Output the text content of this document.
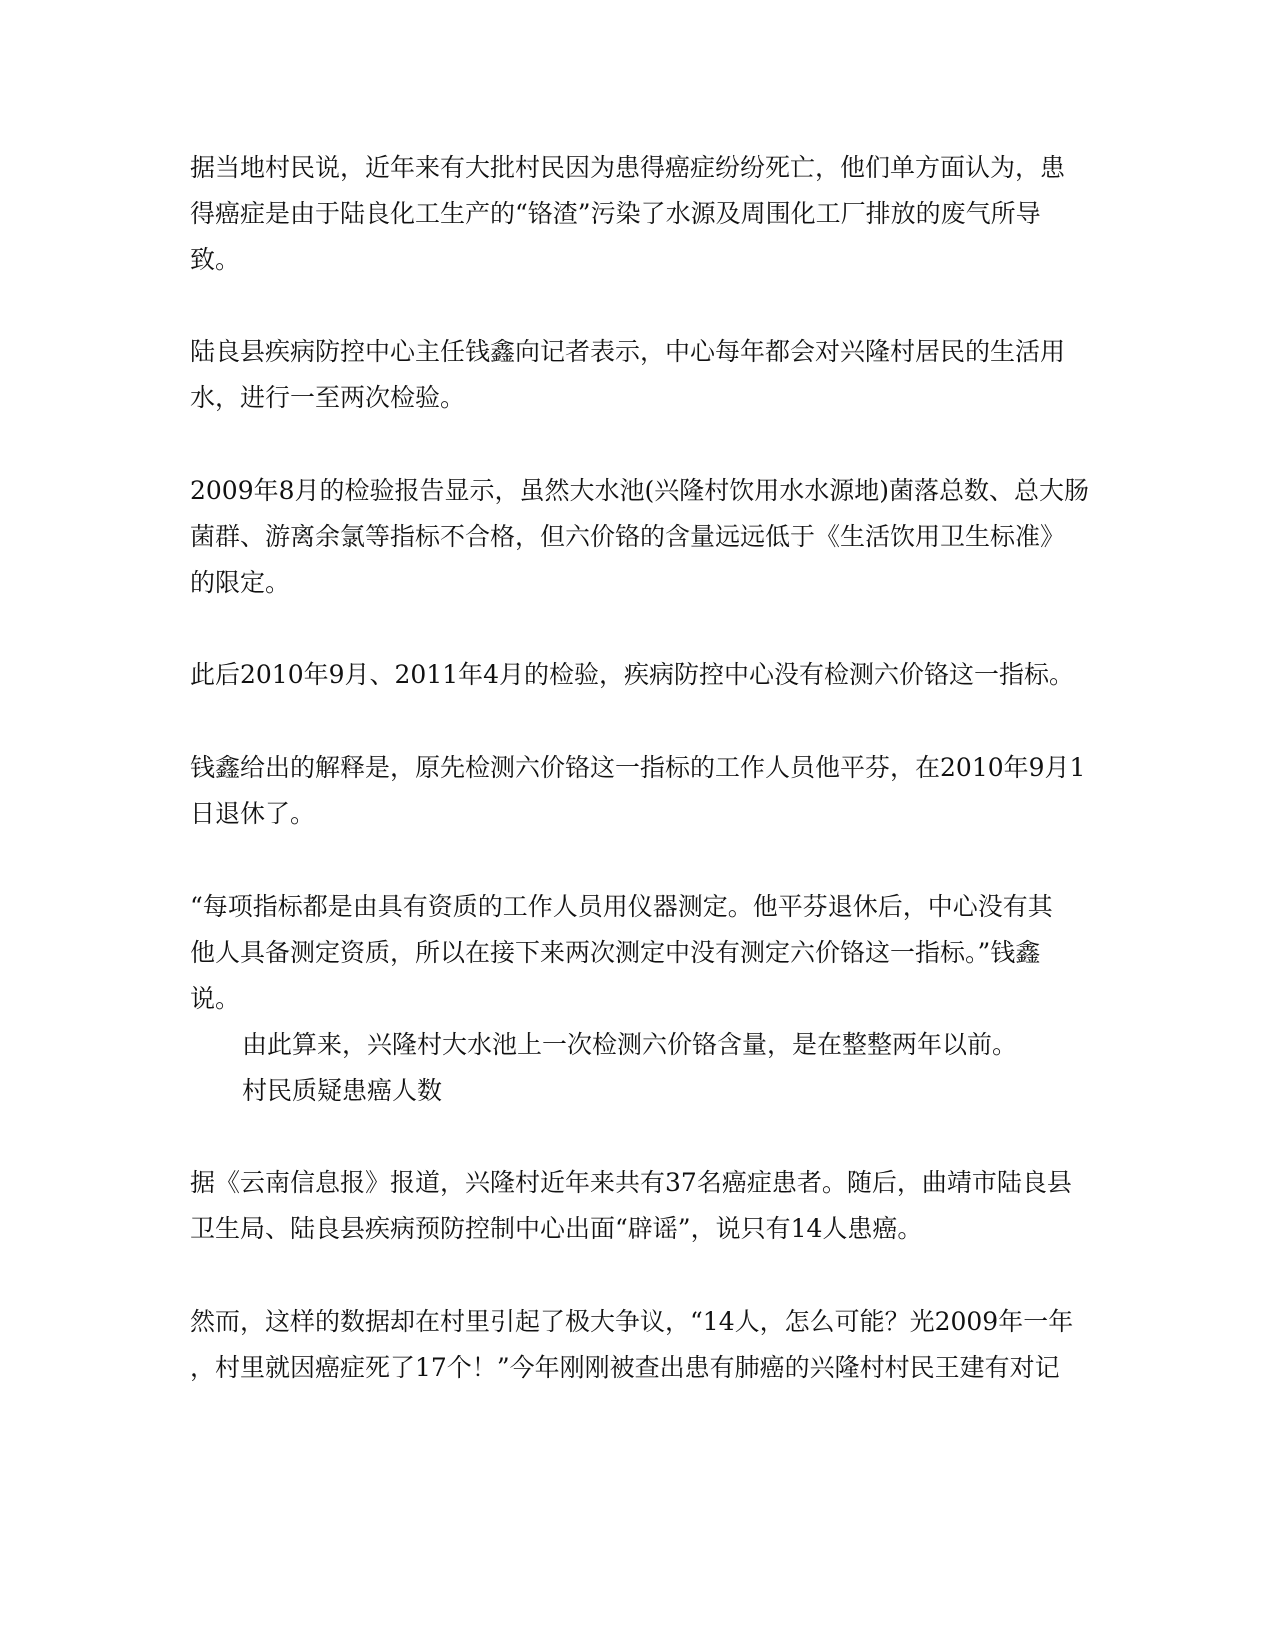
据当地村民说，近年来有大批村民因为患得癌症纷纷死亡，他们单方面认为，患
得癌症是由于陆良化工生产的“铬渣”污染了水源及周围化工厂排放的废气所导
致。

陆良县疾病防控中心主任钱鑫向记者表示，中心每年都会对兴隆村居民的生活用
水，进行一至两次检验。

2009年8月的检验报告显示，虽然大水池(兴隆村饮用水水源地)菌落总数、总大肠
菌群、游离余氯等指标不合格，但六价铬的含量远远低于《生活饮用卫生标准》
的限定。

此后2010年9月、2011年4月的检验，疾病防控中心没有检测六价铬这一指标。

钱鑫给出的解释是，原先检测六价铬这一指标的工作人员他平芬，在2010年9月1
日退休了。

“每项指标都是由具有资质的工作人员用仪器测定。他平芬退休后，中心没有其
他人具备测定资质，所以在接下来两次测定中没有测定六价铬这一指标。”钱鑫
说。

由此算来，兴隆村大水池上一次检测六价铬含量，是在整整两年以前。

村民质疑患癌人数

据《云南信息报》报道，兴隆村近年来共有37名癌症患者。随后，曲靖市陆良县
卫生局、陆良县疾病预防控制中心出面“辟谣”，说只有14人患癌。

然而，这样的数据却在村里引起了极大争议，“14人，怎么可能？光2009年一年
，村里就因癌症死了17个！”今年刚刚被查出患有肺癌的兴隆村村民王建有对记
